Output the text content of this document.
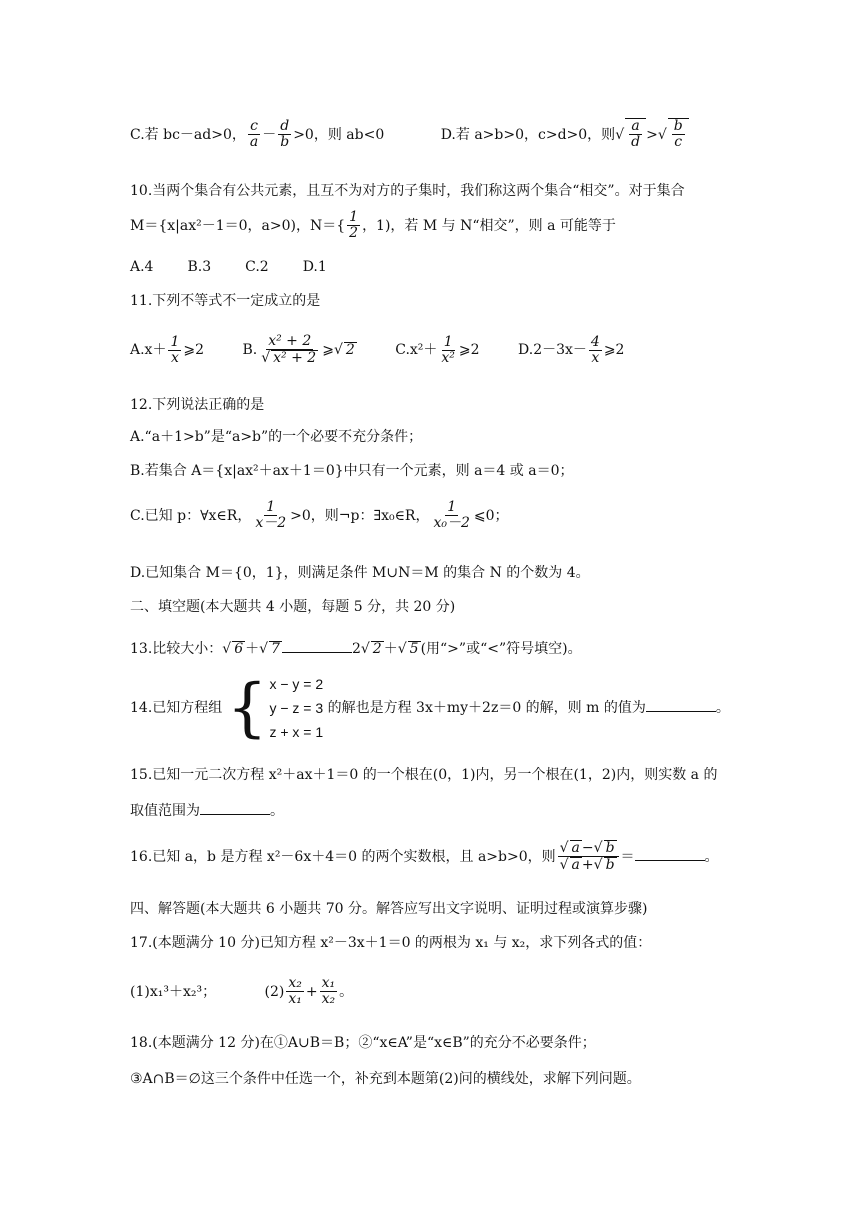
C.若 bc－ad>0， $\frac{c}{a} - \frac{d}{b} >0$，则 ab<0	D.若 a>b>0，c>d>0，则√ $\frac{a}{d}$ >√ $\frac{b}{c}$
10.当两个集合有公共元素，且互不为对方的子集时，我们称这两个集合“相交”。对于集合
M＝{x|ax²－1＝0，a>0)，$N=\{ \frac{1}{2}$ ，1)，若 M 与 N“相交”，则 a 可能等于
A.4 B.3 C.2 D.1
11.下列不等式不一定成立的是
$A.x+ \frac{1}{x}$ ⩾2	B. $\frac{\text{x² + 2}}{\text{√ x² + 2}}$ ⩾√ 2	$C.x^2+ \frac{1}{\text{x²}}$ ⩾2	$D.2-3x- \frac{4}{x}$ ⩾2
12.下列说法正确的是
A.“a＋1>b”是“a>b”的一个必要不充分条件；
B.若集合 A＝{x|ax²＋ax＋1＝0}中只有一个元素，则 a＝4 或 a＝0；
C.已知 p：∀x∈R， $\frac{1}{x-2} >0$，则¬p：∃x₀∈R， $\frac{1}{\text{x₀－2}}$ ⩽0；
D.已知集合 M＝{0，1}，则满足条件 M∪N＝M 的集合 N 的个数为 4。
二、填空题(本大题共 4 小题，每题 5 分，共 20 分)
13.比较大小：√ 6 ＋√ 7	2√ 2 ＋√ 5 (用“>”或“<”符号填空)。
14.已知方程组 { x − y = 2
y − z = 3
z + x = 1
的解也是方程 3x＋my＋2z＝0 的解，则 m 的值为	。
15.已知一元二次方程 x²＋ax＋1＝0 的一个根在(0，1)内，另一个根在(1，2)内，则实数 a 的
取值范围为	。
16.已知 a，b 是方程 x²－6x＋4＝0 的两个实数根，且 a>b>0，则 $\frac{√ a -√ b}{√ a +√ b}$ ＝	。
四、解答题(本大题共 6 小题共 70 分。解答应写出文字说明、证明过程或演算步骤)
17.(本题满分 10 分)已知方程 x²－3x＋1＝0 的两根为 x₁ 与 x₂，求下列各式的值：
(1)x₁³＋x₂³；	$(2) \frac{\text{x₂}}{\text{x₁}} + \frac{\text{x₁}}{\text{x₂}}$ 。
18.(本题满分 12 分)在①A∪B＝B；②“x∈A”是“x∈B”的充分不必要条件；
③A∩B＝∅这三个条件中任选一个，补充到本题第(2)问的横线处，求解下列问题。
